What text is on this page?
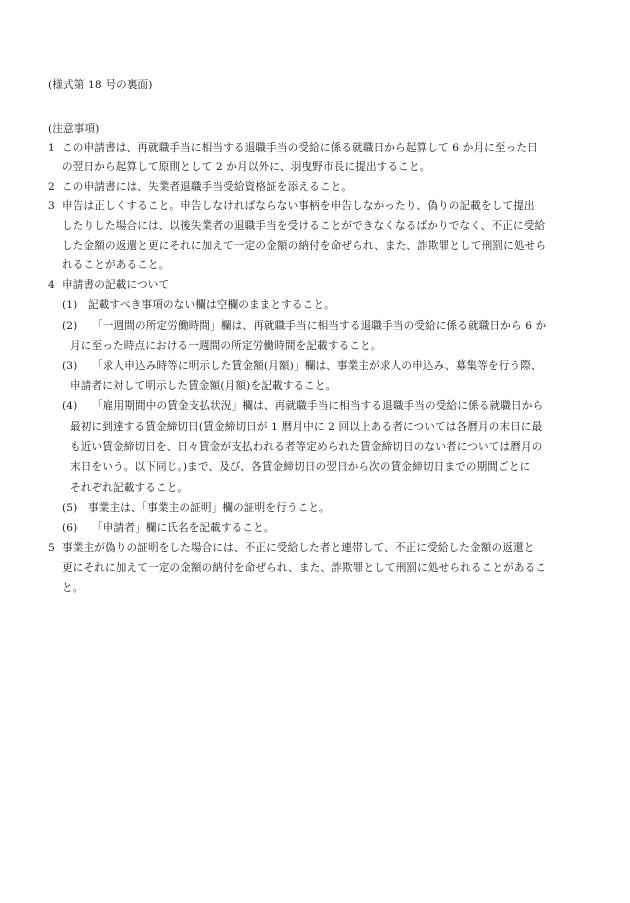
(様式第 18 号の裏面)
(注意事項)
1 この申請書は、再就職手当に相当する退職手当の受給に係る就職日から起算して 6 か月に至った日
の翌日から起算して原則として 2 か月以外に、羽曳野市長に提出すること。
2 この申請書には、失業者退職手当受給資格証を添えること。
3 申告は正しくすること。申告しなければならない事柄を申告しなかったり、偽りの記載をして提出
したりした場合には、以後失業者の退職手当を受けることができなくなるばかりでなく、不正に受給
した金額の返還と更にそれに加えて一定の金額の納付を命ぜられ、また、詐欺罪として刑罰に処せら
れることがあること。
4 申請書の記載について
(1) 記載すべき事項のない欄は空欄のままとすること。
(2) 「一週間の所定労働時間」欄は、再就職手当に相当する退職手当の受給に係る就職日から 6 か
月に至った時点における一週間の所定労働時間を記載すること。
(3) 「求人申込み時等に明示した賃金額(月額)」欄は、事業主が求人の申込み、募集等を行う際、
申請者に対して明示した賃金額(月額)を記載すること。
(4) 「雇用期間中の賃金支払状況」欄は、再就職手当に相当する退職手当の受給に係る就職日から
最初に到達する賃金締切日(賃金締切日が 1 暦月中に 2 回以上ある者については各暦月の末日に最
も近い賃金締切日を、日々賃金が支払われる者等定められた賃金締切日のない者については暦月の
末日をいう。以下同じ。)まで、及び、各賃金締切日の翌日から次の賃金締切日までの期間ごとに
それぞれ記載すること。
(5) 事業主は、「事業主の証明」欄の証明を行うこと。
(6) 「申請者」欄に氏名を記載すること。
5 事業主が偽りの証明をした場合には、不正に受給した者と連帯して、不正に受給した金額の返還と
更にそれに加えて一定の金額の納付を命ぜられ、また、詐欺罪として刑罰に処せられることがあるこ
と。
